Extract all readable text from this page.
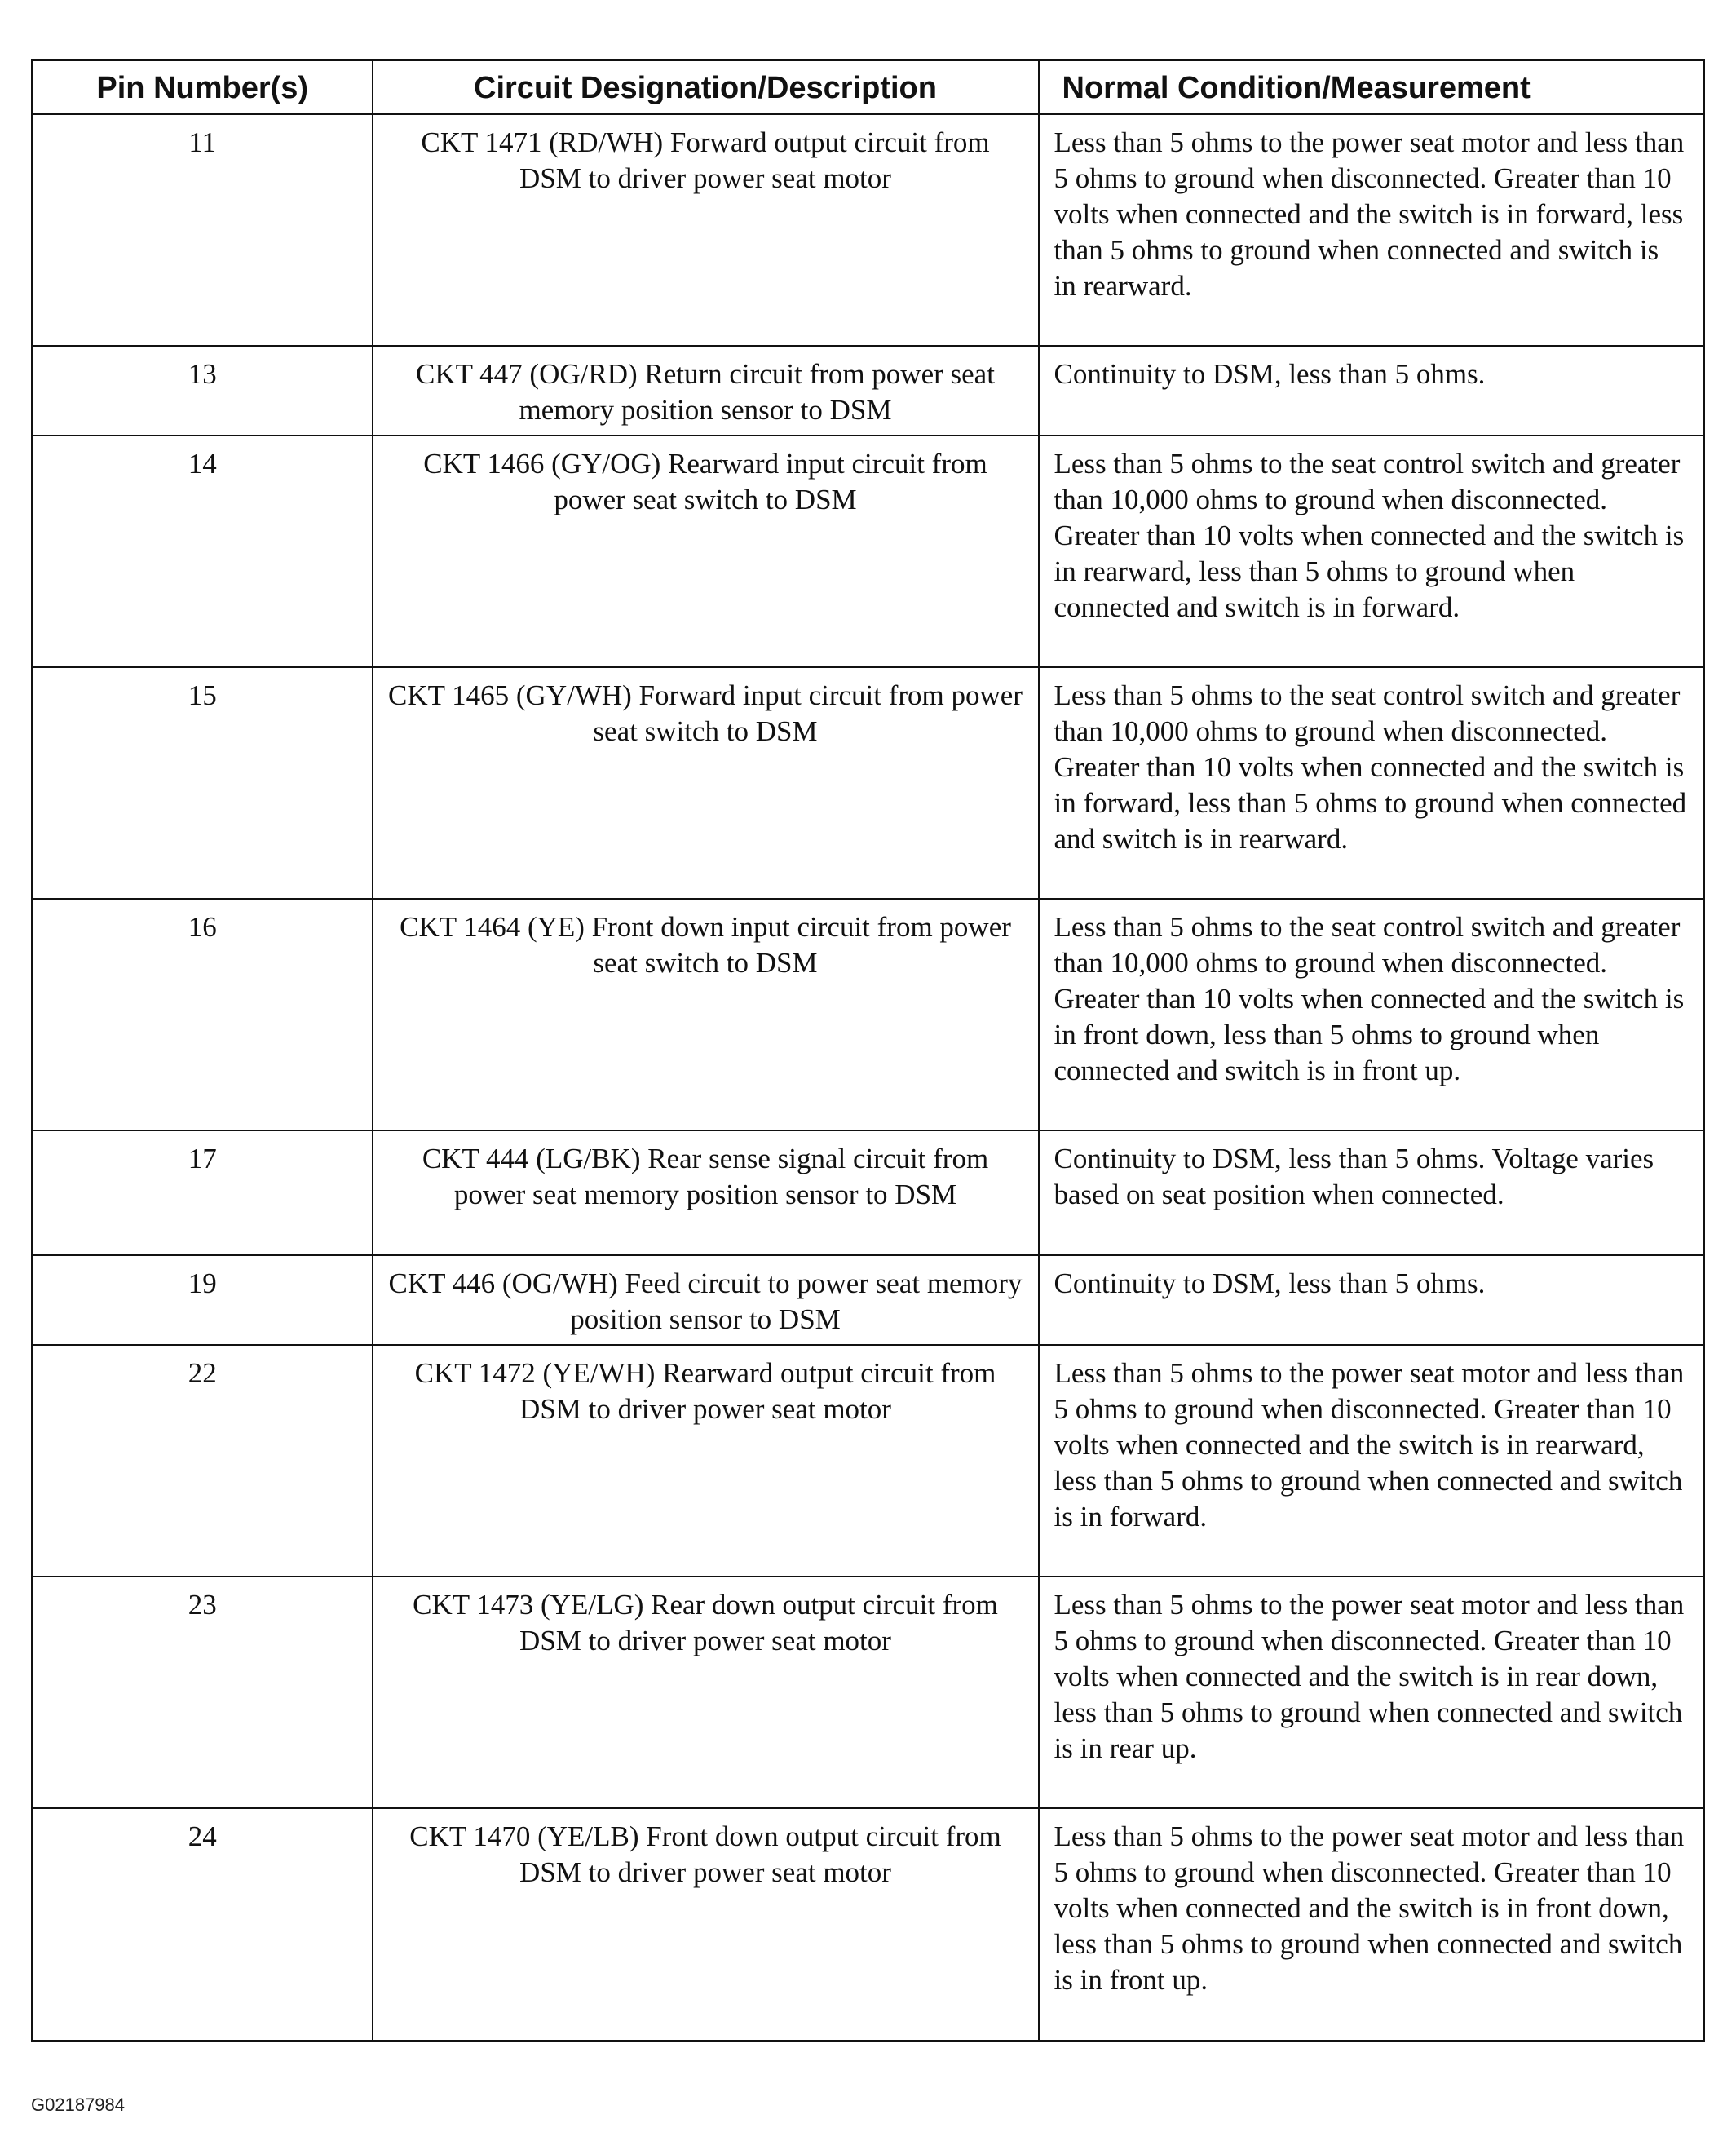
Pin Number(s)	Circuit Designation/Description	Normal Condition/Measurement
11	CKT 1471 (RD/WH) Forward output circuit from DSM to driver power seat motor	Less than 5 ohms to the power seat motor and less than 5 ohms to ground when disconnected. Greater than 10 volts when connected and the switch is in forward, less than 5 ohms to ground when connected and switch is in rearward.
13	CKT 447 (OG/RD) Return circuit from power seat memory position sensor to DSM	Continuity to DSM, less than 5 ohms.
14	CKT 1466 (GY/OG) Rearward input circuit from power seat switch to DSM	Less than 5 ohms to the seat control switch and greater than 10,000 ohms to ground when disconnected. Greater than 10 volts when connected and the switch is in rearward, less than 5 ohms to ground when connected and switch is in forward.
15	CKT 1465 (GY/WH) Forward input circuit from power seat switch to DSM	Less than 5 ohms to the seat control switch and greater than 10,000 ohms to ground when disconnected. Greater than 10 volts when connected and the switch is in forward, less than 5 ohms to ground when connected and switch is in rearward.
16	CKT 1464 (YE) Front down input circuit from power seat switch to DSM	Less than 5 ohms to the seat control switch and greater than 10,000 ohms to ground when disconnected. Greater than 10 volts when connected and the switch is in front down, less than 5 ohms to ground when connected and switch is in front up.
17	CKT 444 (LG/BK) Rear sense signal circuit from power seat memory position sensor to DSM	Continuity to DSM, less than 5 ohms. Voltage varies based on seat position when connected.
19	CKT 446 (OG/WH) Feed circuit to power seat memory position sensor to DSM	Continuity to DSM, less than 5 ohms.
22	CKT 1472 (YE/WH) Rearward output circuit from DSM to driver power seat motor	Less than 5 ohms to the power seat motor and less than 5 ohms to ground when disconnected. Greater than 10 volts when connected and the switch is in rearward, less than 5 ohms to ground when connected and switch is in forward.
23	CKT 1473 (YE/LG) Rear down output circuit from DSM to driver power seat motor	Less than 5 ohms to the power seat motor and less than 5 ohms to ground when disconnected. Greater than 10 volts when connected and the switch is in rear down, less than 5 ohms to ground when connected and switch is in rear up.
24	CKT 1470 (YE/LB) Front down output circuit from DSM to driver power seat motor	Less than 5 ohms to the power seat motor and less than 5 ohms to ground when disconnected. Greater than 10 volts when connected and the switch is in front down, less than 5 ohms to ground when connected and switch is in front up.
G02187984
